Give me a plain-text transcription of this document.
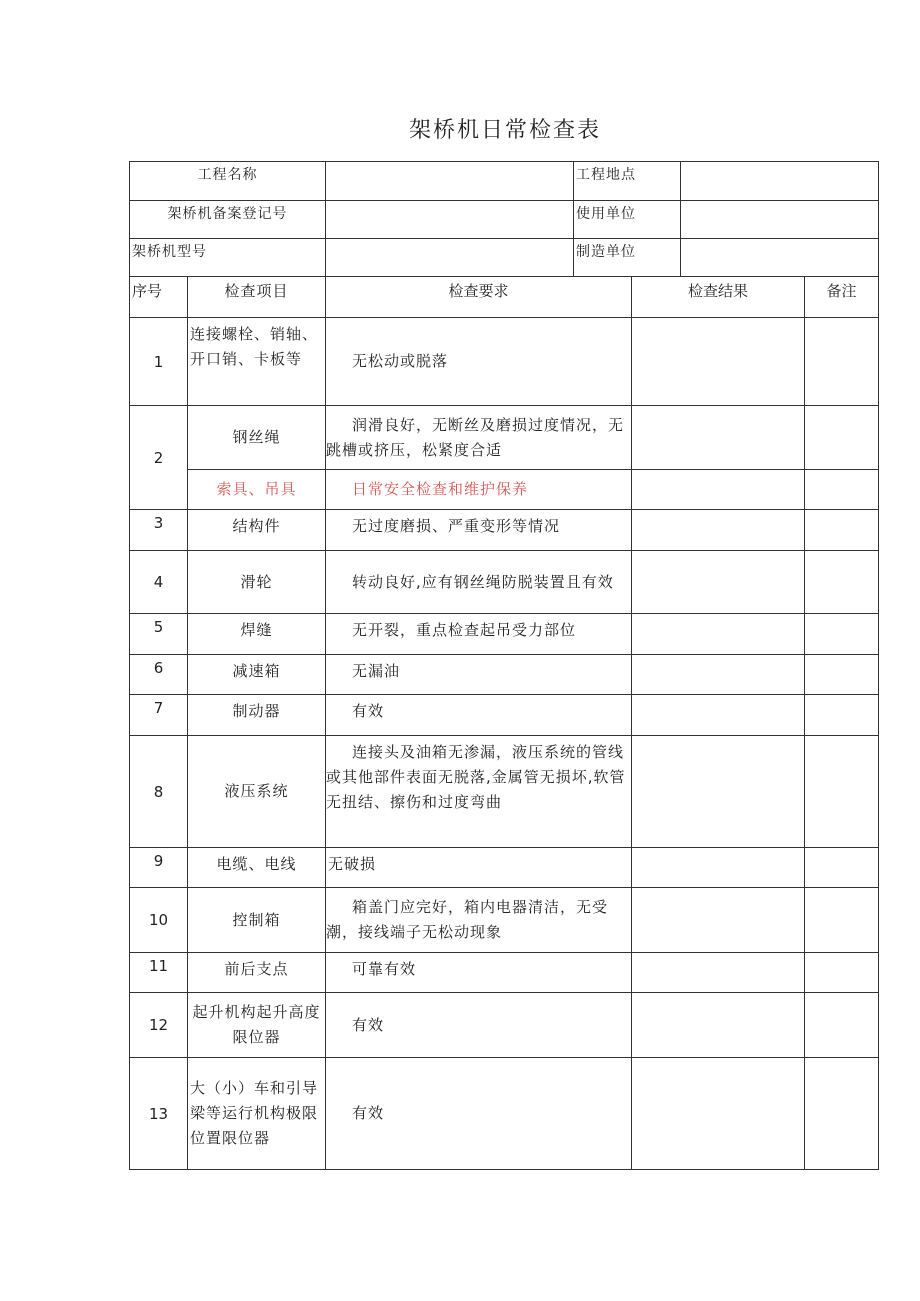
架桥机日常检查表
工程名称		工程地点	
架桥机备案登记号		使用单位	
架桥机型号		制造单位	
序号	检查项目	检查要求	检查结果	备注
1	连接螺栓、销轴、开口销、卡板等	无松动或脱落		
2	钢丝绳	润滑良好，无断丝及磨损过度情况，无跳槽或挤压，松紧度合适		

	索具、吊具	日常安全检查和维护保养		
3	结构件	无过度磨损、严重变形等情况		
4	滑轮	转动良好,应有钢丝绳防脱装置且有效		

5	焊缝	无开裂，重点检查起吊受力部位		
6	减速箱	无漏油		
7	制动器	有效		
8	液压系统	连接头及油箱无渗漏，液压系统的管线或其他部件表面无脱落,金属管无损坏,软管无扭结、擦伤和过度弯曲		

9	电缆、电线	无破损		
10	控制箱	箱盖门应完好，箱内电器清洁，无受潮，接线端子无松动现象		

11	前后支点	可靠有效		
12	起升机构起升高度限位器	有效		
13	大（小）车和引导梁等运行机构极限位置限位器	有效		
